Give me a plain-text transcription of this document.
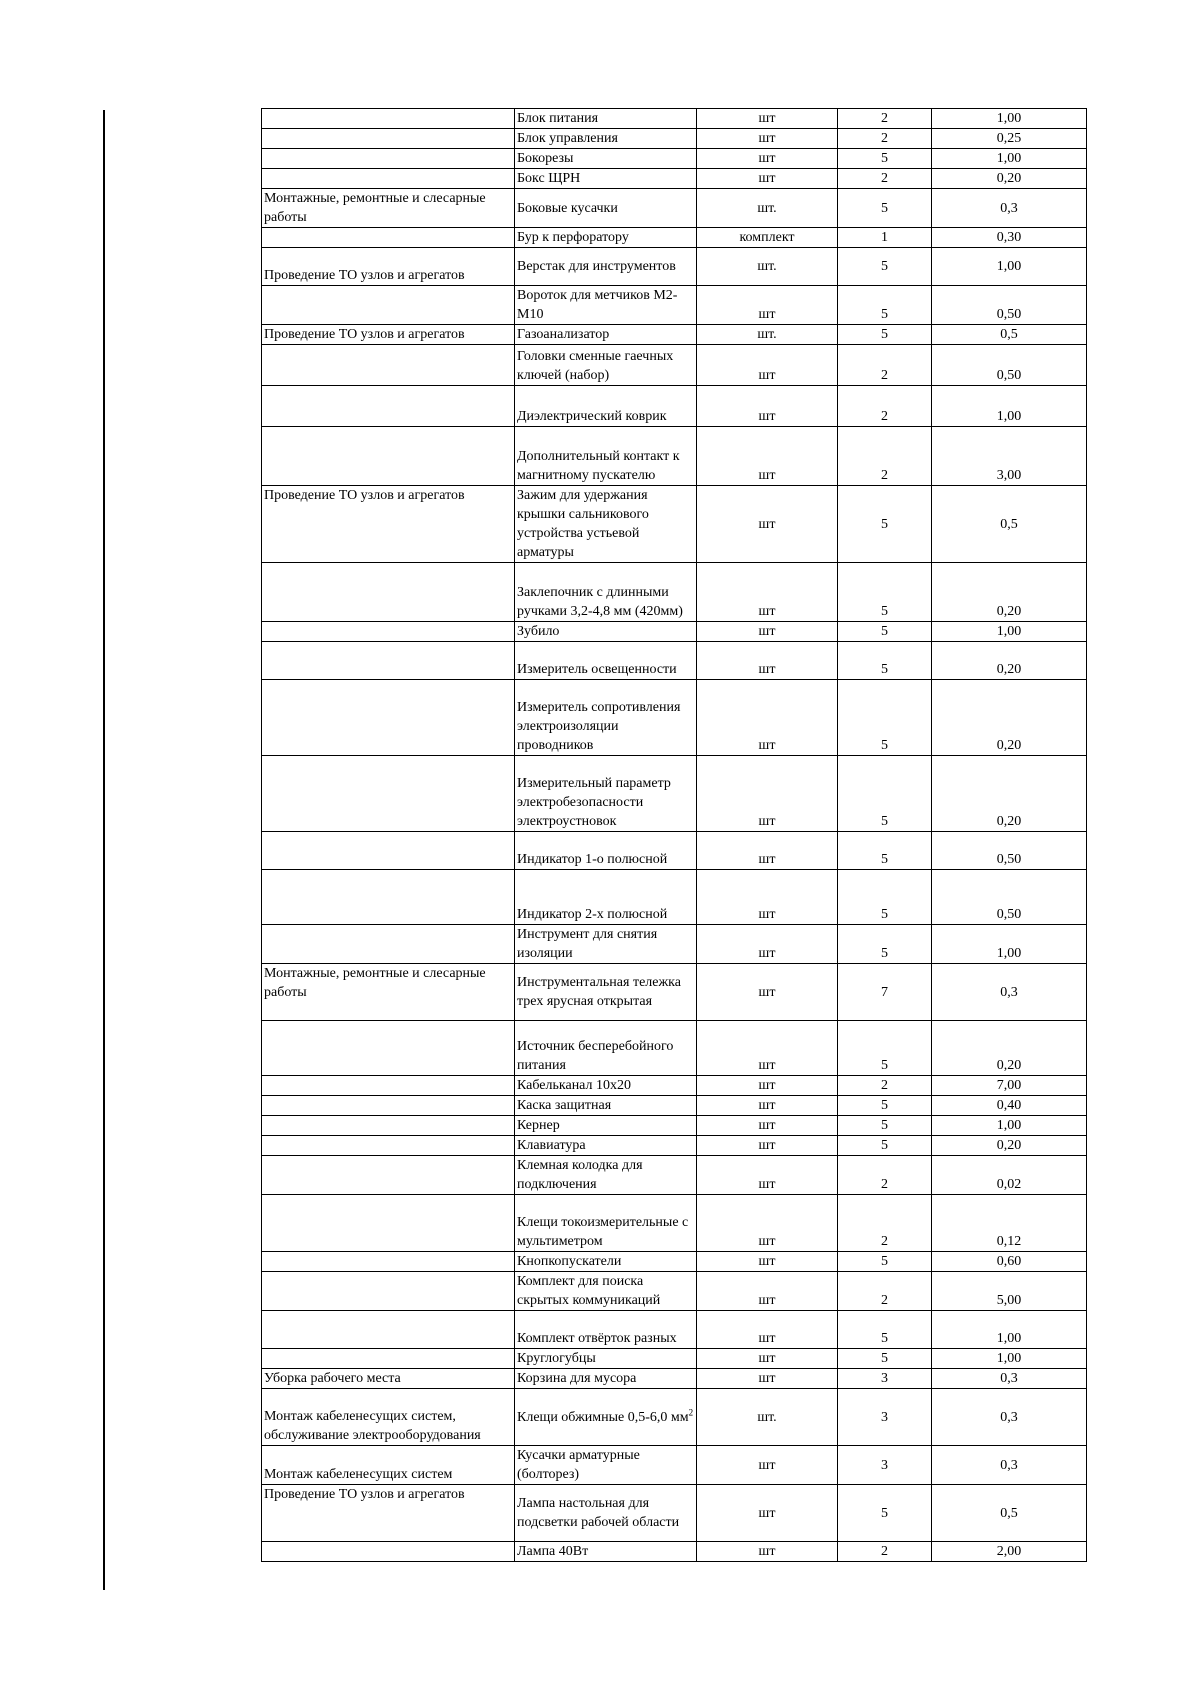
	Блок питания	шт	2	1,00
	Блок управления	шт	2	0,25
	Бокорезы	шт	5	1,00
	Бокс ЩРН	шт	2	0,20
Монтажные, ремонтные и слесарные работы	Боковые кусачки	шт.	5	0,3
	Бур к перфоратору	комплект	1	0,30
Проведение ТО узлов и агрегатов	Верстак для инструментов	шт.	5	1,00
	Вороток для метчиков М2-М10	шт	5	0,50
Проведение ТО узлов и агрегатов	Газоанализатор	шт.	5	0,5
	Головки сменные гаечных ключей (набор)	шт	2	0,50
	Диэлектрический коврик	шт	2	1,00
	Дополнительный контакт к магнитному пускателю	шт	2	3,00
Проведение ТО узлов и агрегатов	Зажим для удержания крышки сальникового устройства устьевой арматуры	шт	5	0,5
	Заклепочник с длинными ручками 3,2-4,8 мм (420мм)	шт	5	0,20
	Зубило	шт	5	1,00
	Измеритель освещенности	шт	5	0,20
	Измеритель сопротивления электроизоляции проводников	шт	5	0,20
	Измерительный параметр электробезопасности электроустновок	шт	5	0,20
	Индикатор 1-о полюсной	шт	5	0,50
	Индикатор 2-х полюсной	шт	5	0,50
	Инструмент для снятия изоляции	шт	5	1,00
Монтажные, ремонтные и слесарные работы	Инструментальная тележка трех ярусная открытая	шт	7	0,3
	Источник бесперебойного питания	шт	5	0,20
	Кабельканал 10х20	шт	2	7,00
	Каска защитная	шт	5	0,40
	Кернер	шт	5	1,00
	Клавиатура	шт	5	0,20
	Клемная колодка для подключения	шт	2	0,02
	Клещи токоизмерительные с мультиметром	шт	2	0,12
	Кнопкопускатели	шт	5	0,60
	Комплект для поиска скрытых коммуникаций	шт	2	5,00
	Комплект отвёрток разных	шт	5	1,00
	Круглогубцы	шт	5	1,00
Уборка рабочего места	Корзина для мусора	шт	3	0,3
Монтаж кабеленесущих систем, обслуживание электрооборудования	Клещи обжимные 0,5-6,0 $мм^2$	шт.	3	0,3
Монтаж кабеленесущих систем	Кусачки арматурные (болторез)	шт	3	0,3
Проведение ТО узлов и агрегатов	Лампа настольная для подсветки рабочей области	шт	5	0,5
	Лампа 40Вт	шт	2	2,00
